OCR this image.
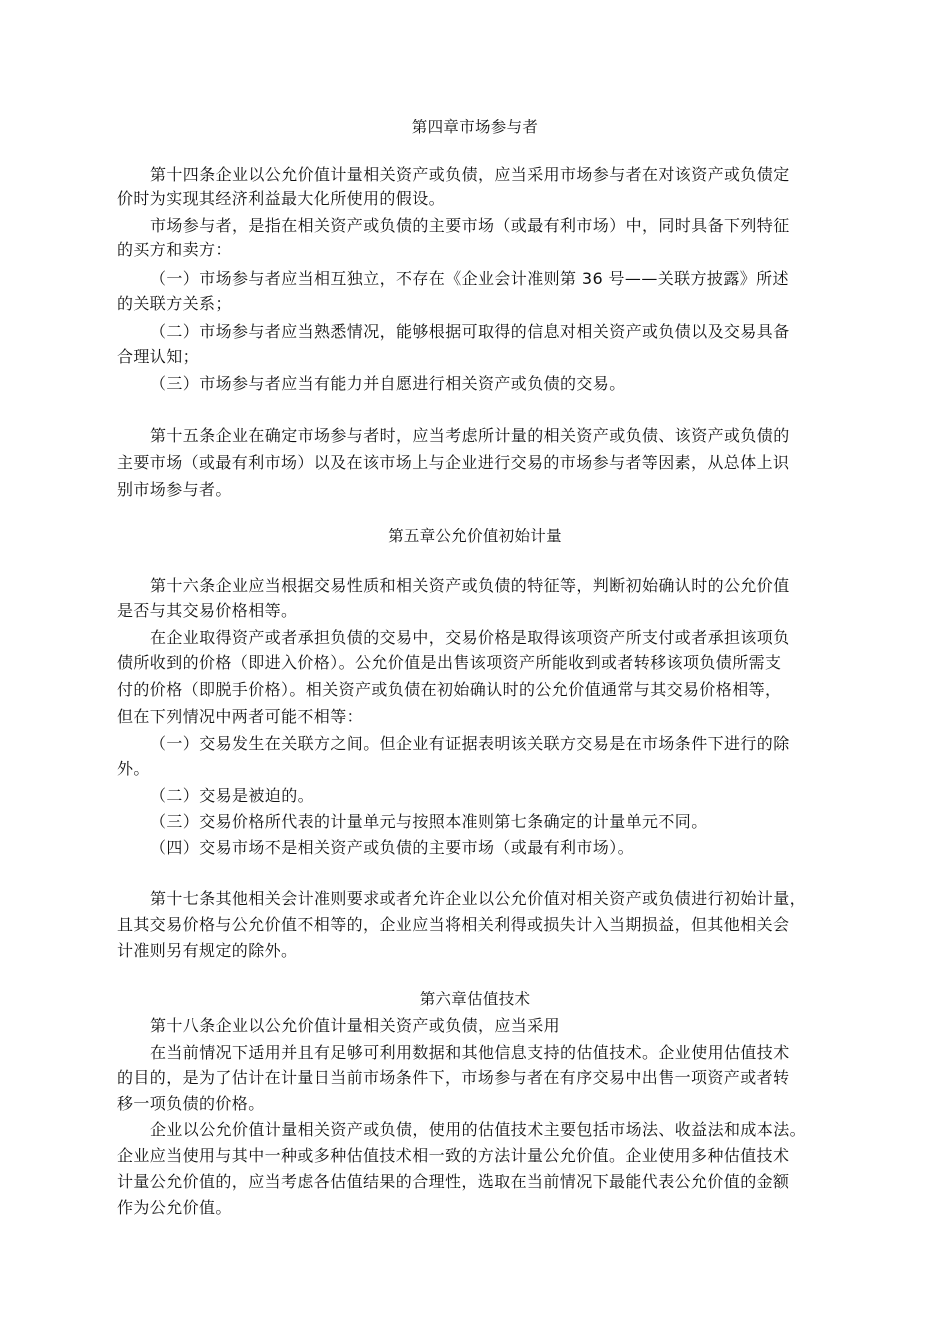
第四章市场参与者
第十四条企业以公允价值计量相关资产或负债，应当采用市场参与者在对该资产或负债定
价时为实现其经济利益最大化所使用的假设。
市场参与者，是指在相关资产或负债的主要市场（或最有利市场）中，同时具备下列特征
的买方和卖方：
（一）市场参与者应当相互独立，不存在《企业会计准则第 36 号——关联方披露》所述
的关联方关系；
（二）市场参与者应当熟悉情况，能够根据可取得的信息对相关资产或负债以及交易具备
合理认知；
（三）市场参与者应当有能力并自愿进行相关资产或负债的交易。
第十五条企业在确定市场参与者时，应当考虑所计量的相关资产或负债、该资产或负债的
主要市场（或最有利市场）以及在该市场上与企业进行交易的市场参与者等因素，从总体上识
别市场参与者。
第五章公允价值初始计量
第十六条企业应当根据交易性质和相关资产或负债的特征等，判断初始确认时的公允价值
是否与其交易价格相等。
在企业取得资产或者承担负债的交易中，交易价格是取得该项资产所支付或者承担该项负
债所收到的价格（即进入价格）。公允价值是出售该项资产所能收到或者转移该项负债所需支
付的价格（即脱手价格）。相关资产或负债在初始确认时的公允价值通常与其交易价格相等，
但在下列情况中两者可能不相等：
（一）交易发生在关联方之间。但企业有证据表明该关联方交易是在市场条件下进行的除
外。
（二）交易是被迫的。
（三）交易价格所代表的计量单元与按照本准则第七条确定的计量单元不同。
（四）交易市场不是相关资产或负债的主要市场（或最有利市场）。
第十七条其他相关会计准则要求或者允许企业以公允价值对相关资产或负债进行初始计量，
且其交易价格与公允价值不相等的，企业应当将相关利得或损失计入当期损益，但其他相关会
计准则另有规定的除外。
第六章估值技术
第十八条企业以公允价值计量相关资产或负债，应当采用
在当前情况下适用并且有足够可利用数据和其他信息支持的估值技术。企业使用估值技术
的目的，是为了估计在计量日当前市场条件下，市场参与者在有序交易中出售一项资产或者转
移一项负债的价格。
企业以公允价值计量相关资产或负债，使用的估值技术主要包括市场法、收益法和成本法。
企业应当使用与其中一种或多种估值技术相一致的方法计量公允价值。企业使用多种估值技术
计量公允价值的，应当考虑各估值结果的合理性，选取在当前情况下最能代表公允价值的金额
作为公允价值。
